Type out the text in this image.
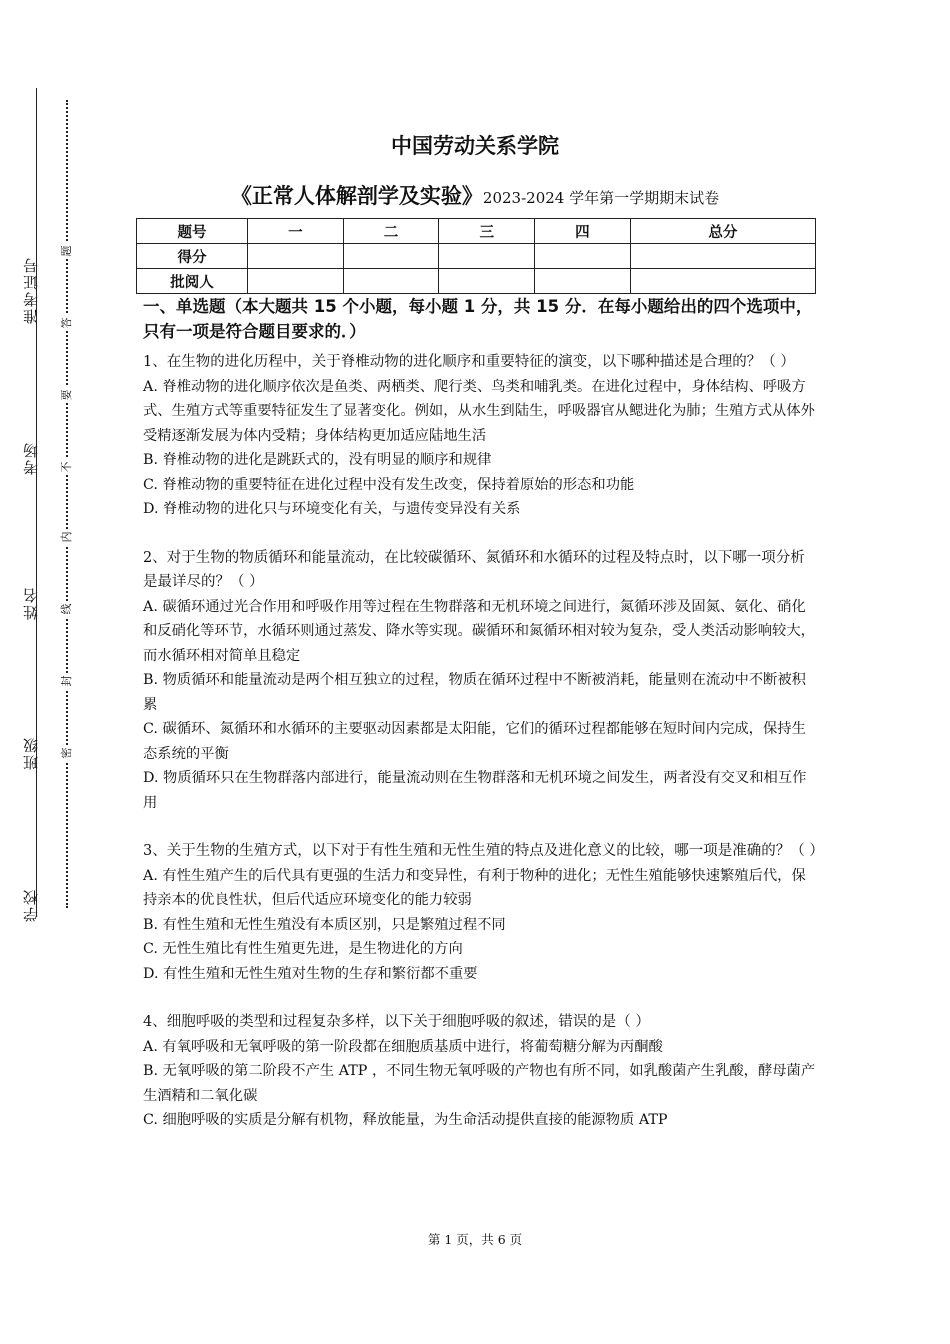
准考证号
考场
姓名
班级
学校
题
答
要
不
内
线
封
密
中国劳动关系学院
《正常人体解剖学及实验》2023-2024 学年第一学期期末试卷
题号	一	二	三	四	总分
得分					
批阅人					

一、单选题（本大题共 15 个小题，每小题 1 分，共 15 分．在每小题给出的四个选项中，只有一项是符合题目要求的．）

1、在生物的进化历程中，关于脊椎动物的进化顺序和重要特征的演变，以下哪种描述是合理的？（ ）

A. 脊椎动物的进化顺序依次是鱼类、两栖类、爬行类、鸟类和哺乳类。在进化过程中，身体结构、呼吸方式、生殖方式等重要特征发生了显著变化。例如，从水生到陆生，呼吸器官从鳃进化为肺；生殖方式从体外受精逐渐发展为体内受精；身体结构更加适应陆地生活

B. 脊椎动物的进化是跳跃式的，没有明显的顺序和规律

C. 脊椎动物的重要特征在进化过程中没有发生改变，保持着原始的形态和功能

D. 脊椎动物的进化只与环境变化有关，与遗传变异没有关系

2、对于生物的物质循环和能量流动，在比较碳循环、氮循环和水循环的过程及特点时，以下哪一项分析是最详尽的？（ ）

A. 碳循环通过光合作用和呼吸作用等过程在生物群落和无机环境之间进行，氮循环涉及固氮、氨化、硝化和反硝化等环节，水循环则通过蒸发、降水等实现。碳循环和氮循环相对较为复杂，受人类活动影响较大，而水循环相对简单且稳定

B. 物质循环和能量流动是两个相互独立的过程，物质在循环过程中不断被消耗，能量则在流动中不断被积累

C. 碳循环、氮循环和水循环的主要驱动因素都是太阳能，它们的循环过程都能够在短时间内完成，保持生态系统的平衡

D. 物质循环只在生物群落内部进行，能量流动则在生物群落和无机环境之间发生，两者没有交叉和相互作用

3、关于生物的生殖方式，以下对于有性生殖和无性生殖的特点及进化意义的比较，哪一项是准确的？（ ）

A. 有性生殖产生的后代具有更强的生活力和变异性，有利于物种的进化；无性生殖能够快速繁殖后代，保持亲本的优良性状，但后代适应环境变化的能力较弱

B. 有性生殖和无性生殖没有本质区别，只是繁殖过程不同

C. 无性生殖比有性生殖更先进，是生物进化的方向

D. 有性生殖和无性生殖对生物的生存和繁衍都不重要

4、细胞呼吸的类型和过程复杂多样，以下关于细胞呼吸的叙述，错误的是（ ）

A. 有氧呼吸和无氧呼吸的第一阶段都在细胞质基质中进行，将葡萄糖分解为丙酮酸

B. 无氧呼吸的第二阶段不产生 ATP ，不同生物无氧呼吸的产物也有所不同，如乳酸菌产生乳酸，酵母菌产生酒精和二氧化碳

C. 细胞呼吸的实质是分解有机物，释放能量，为生命活动提供直接的能源物质 ATP

第 1 页，共 6 页
